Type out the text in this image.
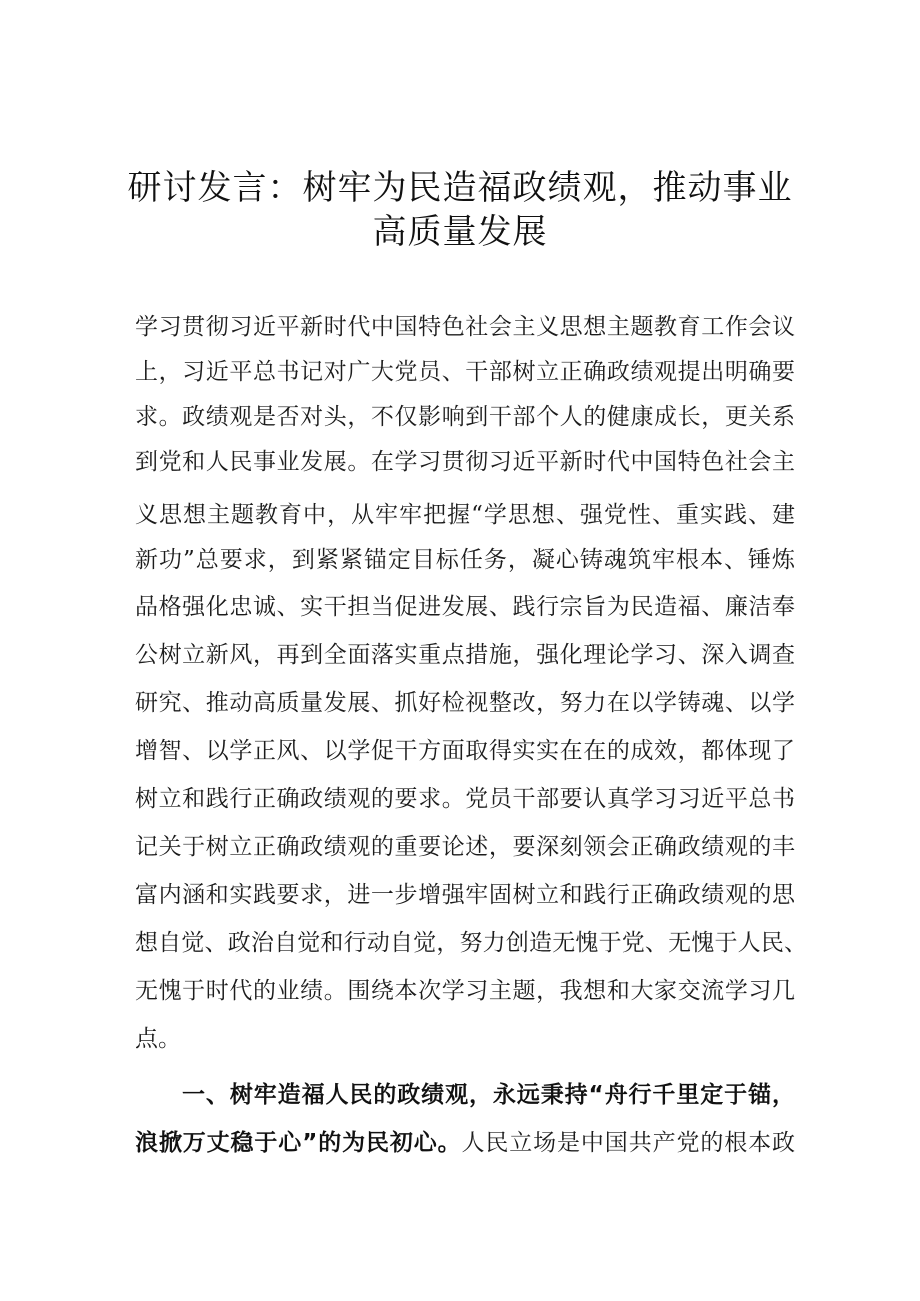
研讨发言：树牢为民造福政绩观，推动事业
高质量发展
学习贯彻习近平新时代中国特色社会主义思想主题教育工作会议
上，习近平总书记对广大党员、干部树立正确政绩观提出明确要
求。政绩观是否对头，不仅影响到干部个人的健康成长，更关系
到党和人民事业发展。在学习贯彻习近平新时代中国特色社会主
义思想主题教育中，从牢牢把握“学思想、强党性、重实践、建
新功”总要求，到紧紧锚定目标任务，凝心铸魂筑牢根本、锤炼
品格强化忠诚、实干担当促进发展、践行宗旨为民造福、廉洁奉
公树立新风，再到全面落实重点措施，强化理论学习、深入调查
研究、推动高质量发展、抓好检视整改，努力在以学铸魂、以学
增智、以学正风、以学促干方面取得实实在在的成效，都体现了
树立和践行正确政绩观的要求。党员干部要认真学习习近平总书
记关于树立正确政绩观的重要论述，要深刻领会正确政绩观的丰
富内涵和实践要求，进一步增强牢固树立和践行正确政绩观的思
想自觉、政治自觉和行动自觉，努力创造无愧于党、无愧于人民、
无愧于时代的业绩。围绕本次学习主题，我想和大家交流学习几
点。
一、树牢造福人民的政绩观，永远秉持“舟行千里定于锚，
浪掀万丈稳于心”的为民初心。人民立场是中国共产党的根本政
